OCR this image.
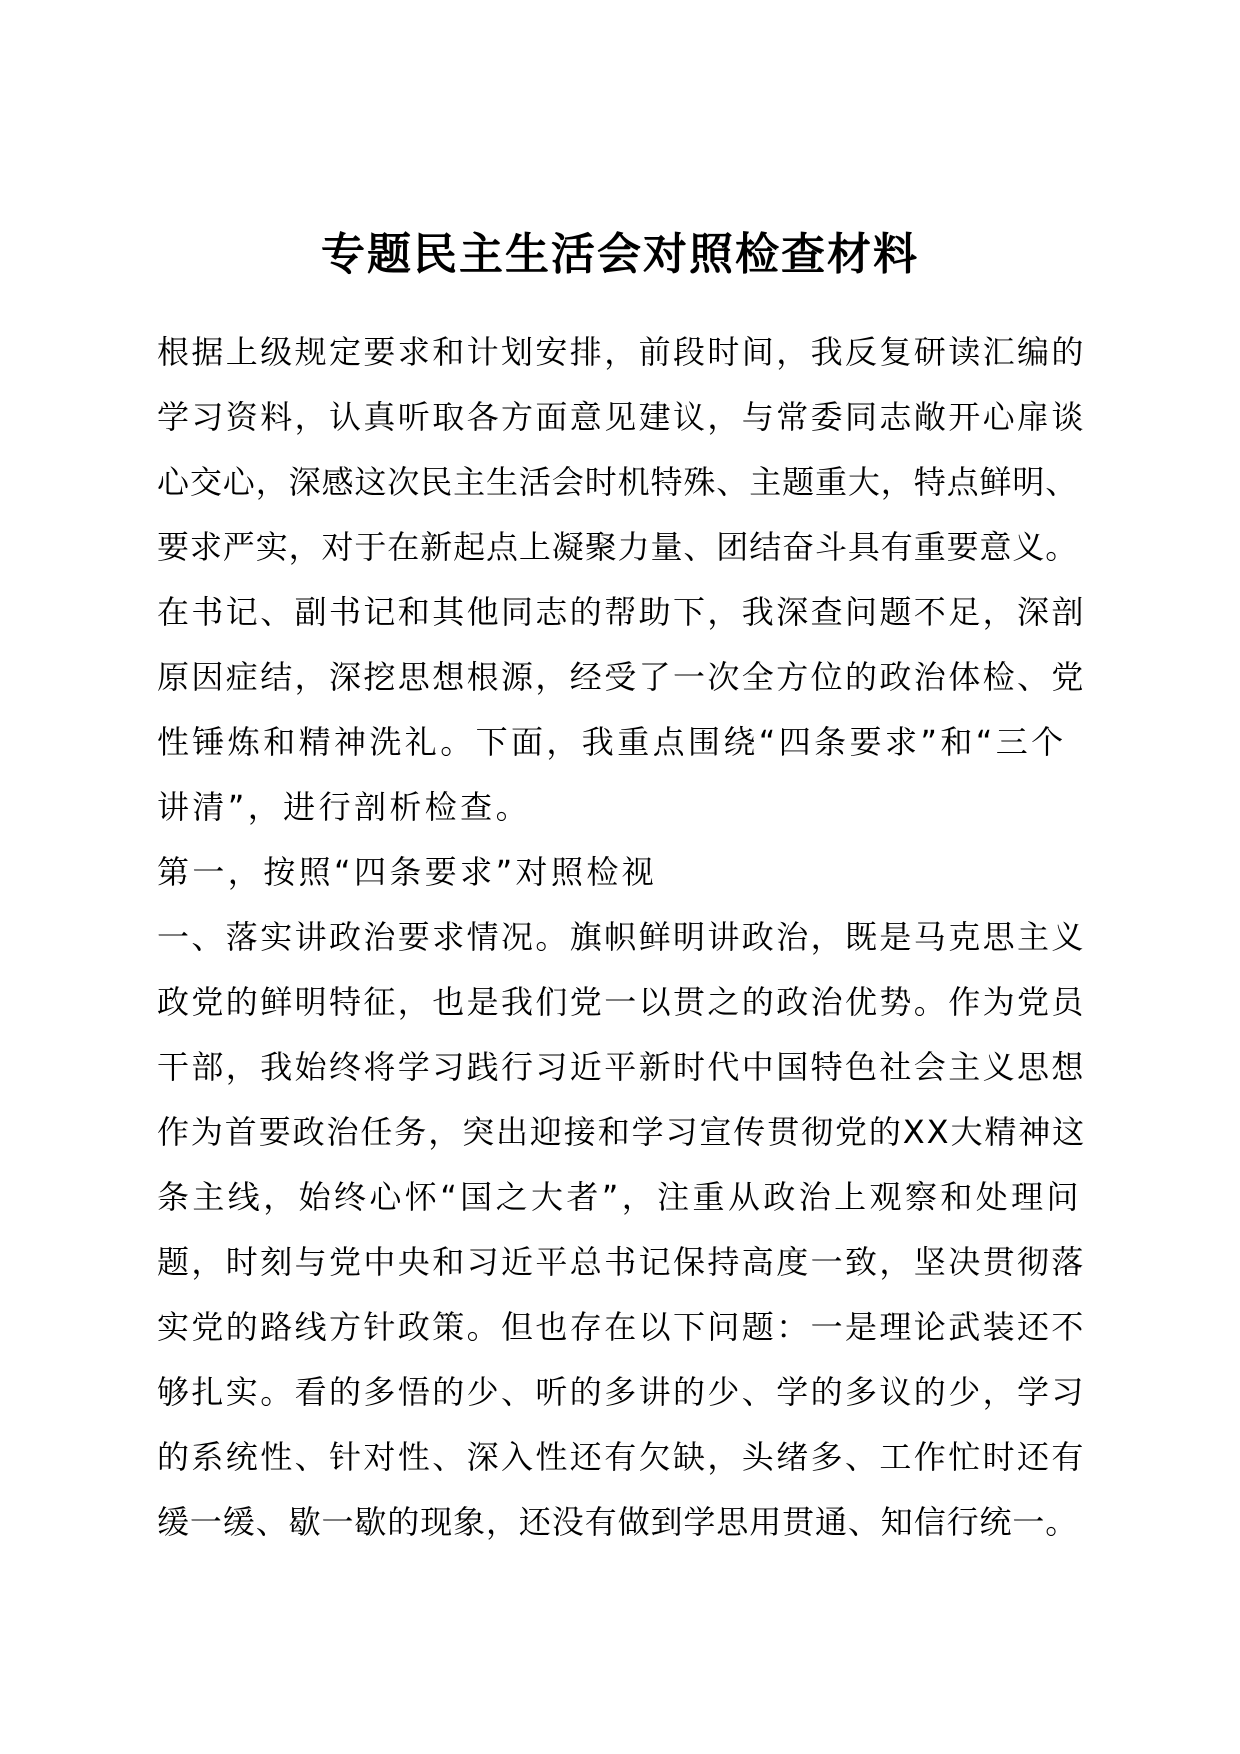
专题民主生活会对照检查材料
根据上级规定要求和计划安排，前段时间，我反复研读汇编的
学习资料，认真听取各方面意见建议，与常委同志敞开心扉谈
心交心，深感这次民主生活会时机特殊、主题重大，特点鲜明、
要求严实，对于在新起点上凝聚力量、团结奋斗具有重要意义。
在书记、副书记和其他同志的帮助下，我深查问题不足，深剖
原因症结，深挖思想根源，经受了一次全方位的政治体检、党
性锤炼和精神洗礼。下面，我重点围绕“四条要求”和“三个
讲清”，进行剖析检查。
第一，按照“四条要求”对照检视
一、落实讲政治要求情况。旗帜鲜明讲政治，既是马克思主义
政党的鲜明特征，也是我们党一以贯之的政治优势。作为党员
干部，我始终将学习践行习近平新时代中国特色社会主义思想
作为首要政治任务，突出迎接和学习宣传贯彻党的XX大精神这
条主线，始终心怀“国之大者”，注重从政治上观察和处理问
题，时刻与党中央和习近平总书记保持高度一致，坚决贯彻落
实党的路线方针政策。但也存在以下问题：一是理论武装还不
够扎实。看的多悟的少、听的多讲的少、学的多议的少，学习
的系统性、针对性、深入性还有欠缺，头绪多、工作忙时还有
缓一缓、歇一歇的现象，还没有做到学思用贯通、知信行统一。
